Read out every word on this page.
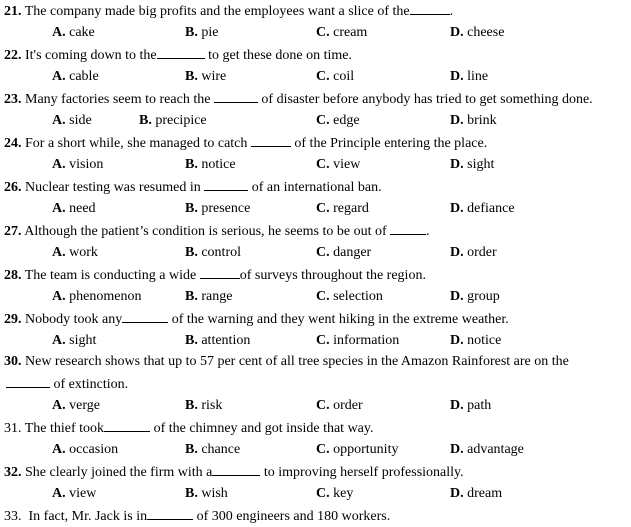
21. The company made big profits and the employees want a slice of the	.
A. cake	B. pie	C. cream	D. cheese
22. It's coming down to the	to get these done on time.
A. cable	B. wire	C. coil	D. line
23. Many factories seem to reach the	of disaster before anybody has tried to get something done.
A. side	B. precipice	C. edge	D. brink
24. For a short while, she managed to catch	of the Principle entering the place.
A. vision	B. notice	C. view	D. sight
26. Nuclear testing was resumed in	of an international ban.
A. need	B. presence	C. regard	D. defiance
27. Although the patient’s condition is serious, he seems to be out of	.
A. work	B. control	C. danger	D. order
28. The team is conducting a wide	of surveys throughout the region.
A. phenomenon	B. range	C. selection	D. group
29. Nobody took any	of the warning and they went hiking in the extreme weather.
A. sight	B. attention	C. information	D. notice
30. New research shows that up to 57 per cent of all tree species in the Amazon Rainforest are on the
of extinction.
A. verge	B. risk	C. order	D. path
31. The thief took	of the chimney and got inside that way.
A. occasion	B. chance	C. opportunity	D. advantage
32. She clearly joined the firm with a	to improving herself professionally.
A. view	B. wish	C. key	D. dream
33. In fact, Mr. Jack is in	of 300 engineers and 180 workers.
